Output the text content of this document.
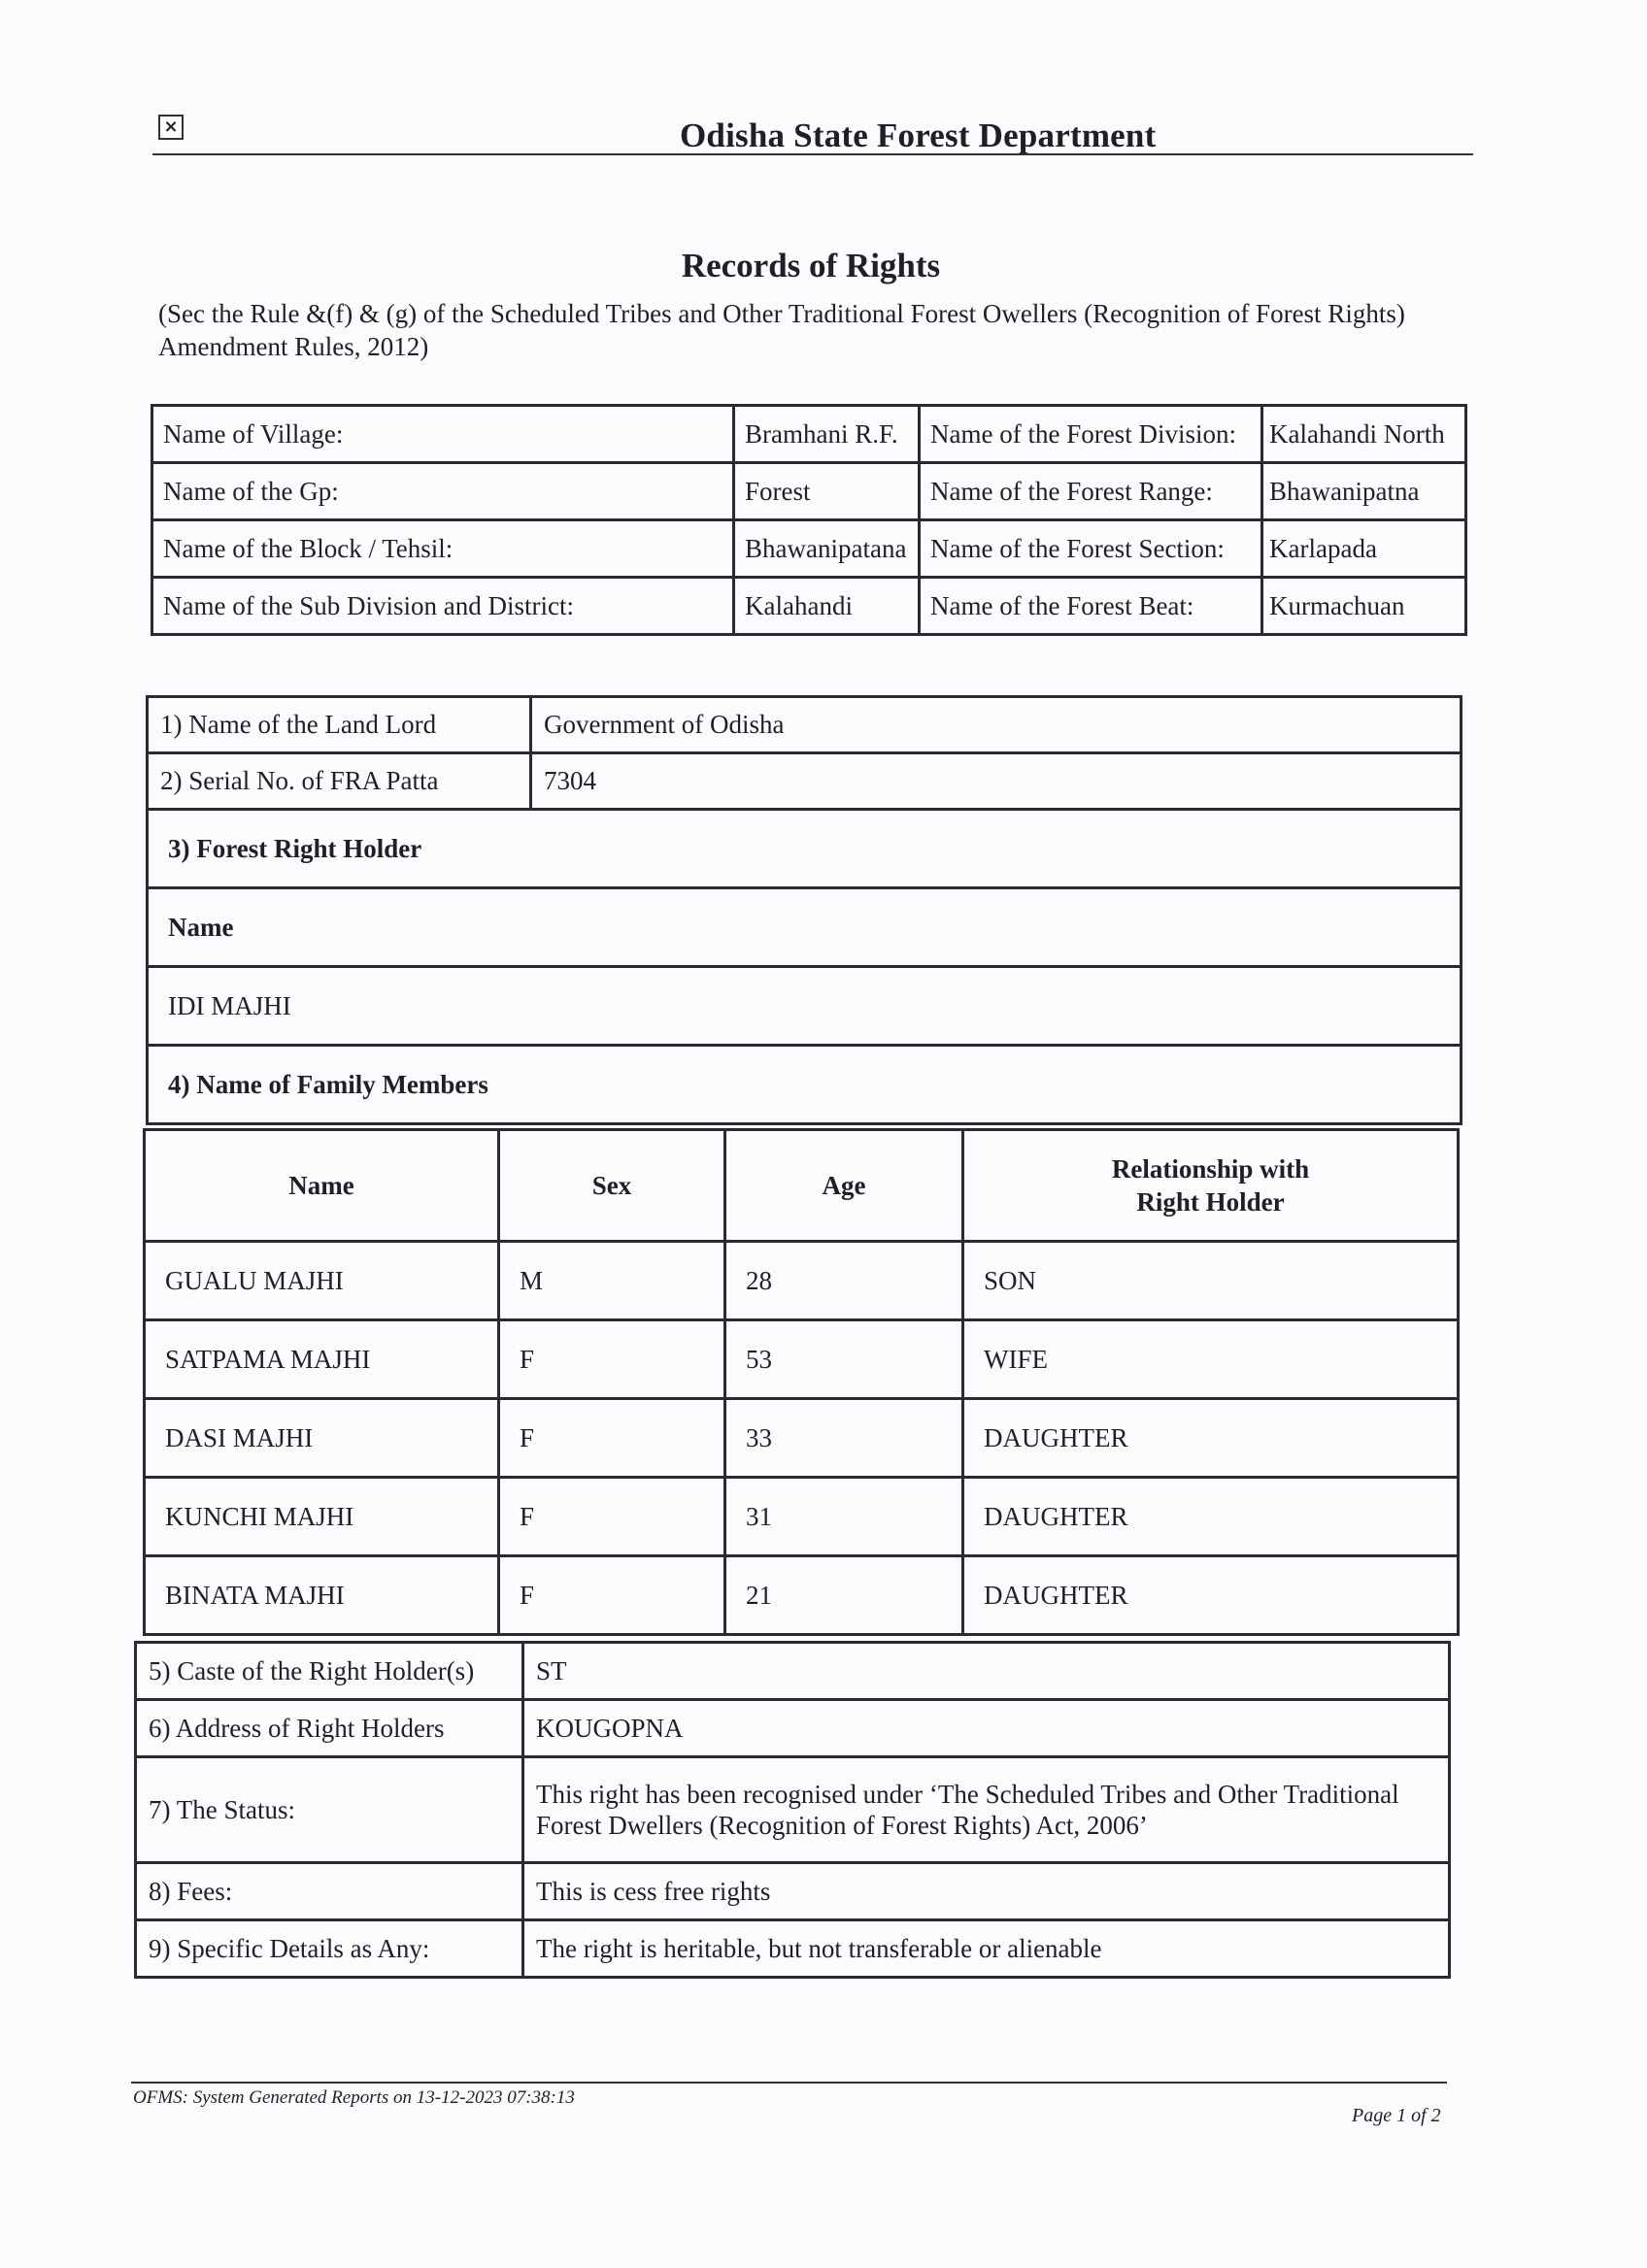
×	Odisha State Forest Department
Records of Rights
(Sec the Rule &(f) & (g) of the Scheduled Tribes and Other Traditional Forest Owellers (Recognition of Forest Rights) Amendment Rules, 2012)
Name of Village:	Bramhani R.F.	Name of the Forest Division:	Kalahandi North
Name of the Gp:	Forest	Name of the Forest Range:	Bhawanipatna
Name of the Block / Tehsil:	Bhawanipatana	Name of the Forest Section:	Karlapada
Name of the Sub Division and District:	Kalahandi	Name of the Forest Beat:	Kurmachuan
1) Name of the Land Lord	Government of Odisha
2) Serial No. of FRA Patta	7304
3) Forest Right Holder	
Name	
IDI MAJHI	
4) Name of Family Members	
Name	Sex	Age	Relationship with Right Holder
GUALU MAJHI	M	28	SON
SATPAMA MAJHI	F	53	WIFE
DASI MAJHI	F	33	DAUGHTER
KUNCHI MAJHI	F	31	DAUGHTER
BINATA MAJHI	F	21	DAUGHTER
5) Caste of the Right Holder(s)	ST
6) Address of Right Holders	KOUGOPNA
7) The Status:	This right has been recognised under ‘The Scheduled Tribes and Other Traditional Forest Dwellers (Recognition of Forest Rights) Act, 2006’
8) Fees:	This is cess free rights
9) Specific Details as Any:	The right is heritable, but not transferable or alienable
OFMS: System Generated Reports on 13-12-2023 07:38:13
Page 1 of 2
